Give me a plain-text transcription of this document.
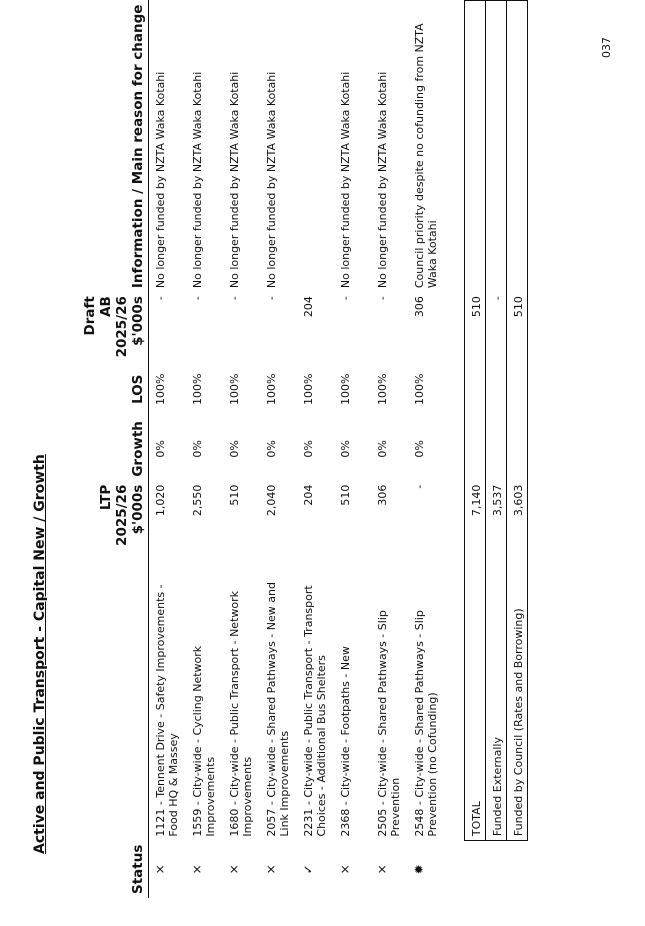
037
Active and Public Transport - Capital New / Growth
Status		LTP 2025/26 $'000s	Growth	LOS	Draft AB 2025/26 $'000s	Information / Main reason for change
×	1121 - Tennent Drive - Safety Improvements - Food HQ & Massey	1,020	0%	100%	-	No longer funded by NZTA Waka Kotahi
×	1559 - City-wide - Cycling Network Improvements	2,550	0%	100%	-	No longer funded by NZTA Waka Kotahi
×	1680 - City-wide - Public Transport - Network Improvements	510	0%	100%	-	No longer funded by NZTA Waka Kotahi
×	2057 - City-wide - Shared Pathways - New and Link Improvements	2,040	0%	100%	-	No longer funded by NZTA Waka Kotahi
✓	2231 - City-wide - Public Transport - Transport Choices - Additional Bus Shelters	204	0%	100%	204	
×	2368 - City-wide - Footpaths - New	510	0%	100%	-	No longer funded by NZTA Waka Kotahi
×	2505 - City-wide - Shared Pathways - Slip Prevention	306	0%	100%	-	No longer funded by NZTA Waka Kotahi
✹	2548 - City-wide - Shared Pathways - Slip Prevention (no Cofunding)	-	0%	100%	306	Council priority despite no cofunding from NZTA Waka Kotahi

	TOTAL	7,140			510	
	Funded Externally	3,537			-	
	Funded by Council (Rates and Borrowing)	3,603			510	
